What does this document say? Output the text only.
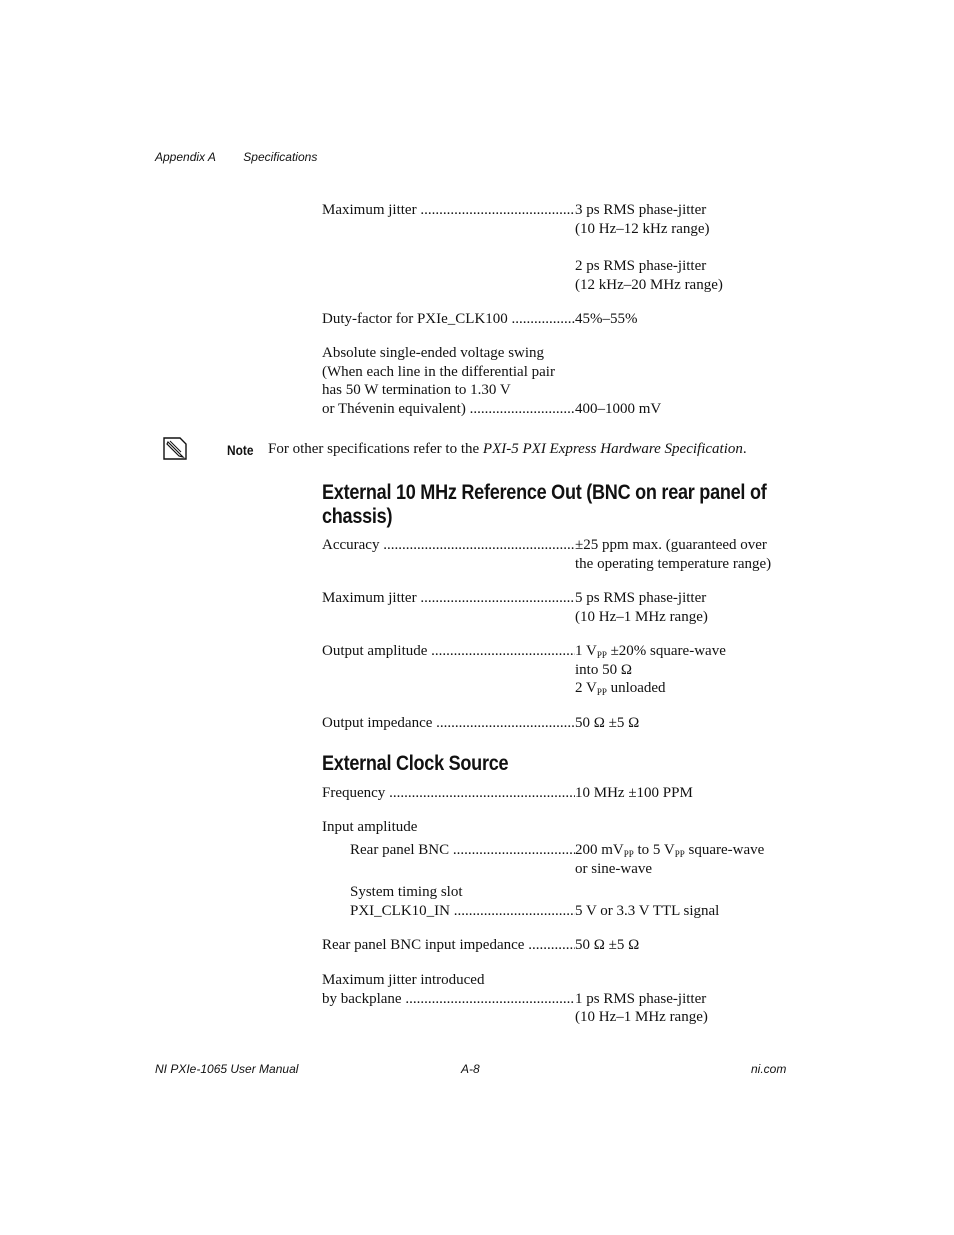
Appendix A Specifications
Maximum jitter .....	3 ps RMS phase-jitter
(10 Hz–12 kHz range)
2 ps RMS phase-jitter
(12 kHz–20 MHz range)
Duty-factor for PXIe_CLK100 .....	45%–55%
Absolute single-ended voltage swing
(When each line in the differential pair
has 50 W termination to 1.30 V
or Thévenin equivalent) .....	400–1000 mV
Note For other specifications refer to the PXI-5 PXI Express Hardware Specification.
External 10 MHz Reference Out (BNC on rear panel of
chassis)
Accuracy .....	±25 ppm max. (guaranteed over
the operating temperature range)
Maximum jitter .....	5 ps RMS phase-jitter
(10 Hz–1 MHz range)
Output amplitude .....	1 $V_{PP} \pm 20\%$ square-wave
into 50 Ω
2 $V_{PP}$ unloaded
Output impedance .....	50 Ω ±5 Ω
External Clock Source
Frequency .....	10 MHz ±100 PPM
Input amplitude
Rear panel BNC .....	200 $mV_{PP}$ to 5 $V_{PP}$ square-wave
or sine-wave
System timing slot
PXI_CLK10_IN .....	5 V or 3.3 V TTL signal
Rear panel BNC input impedance .....	50 Ω ±5 Ω
Maximum jitter introduced
by backplane .....	1 ps RMS phase-jitter
(10 Hz–1 MHz range)
NI PXIe-1065 User Manual	A-8	ni.com
